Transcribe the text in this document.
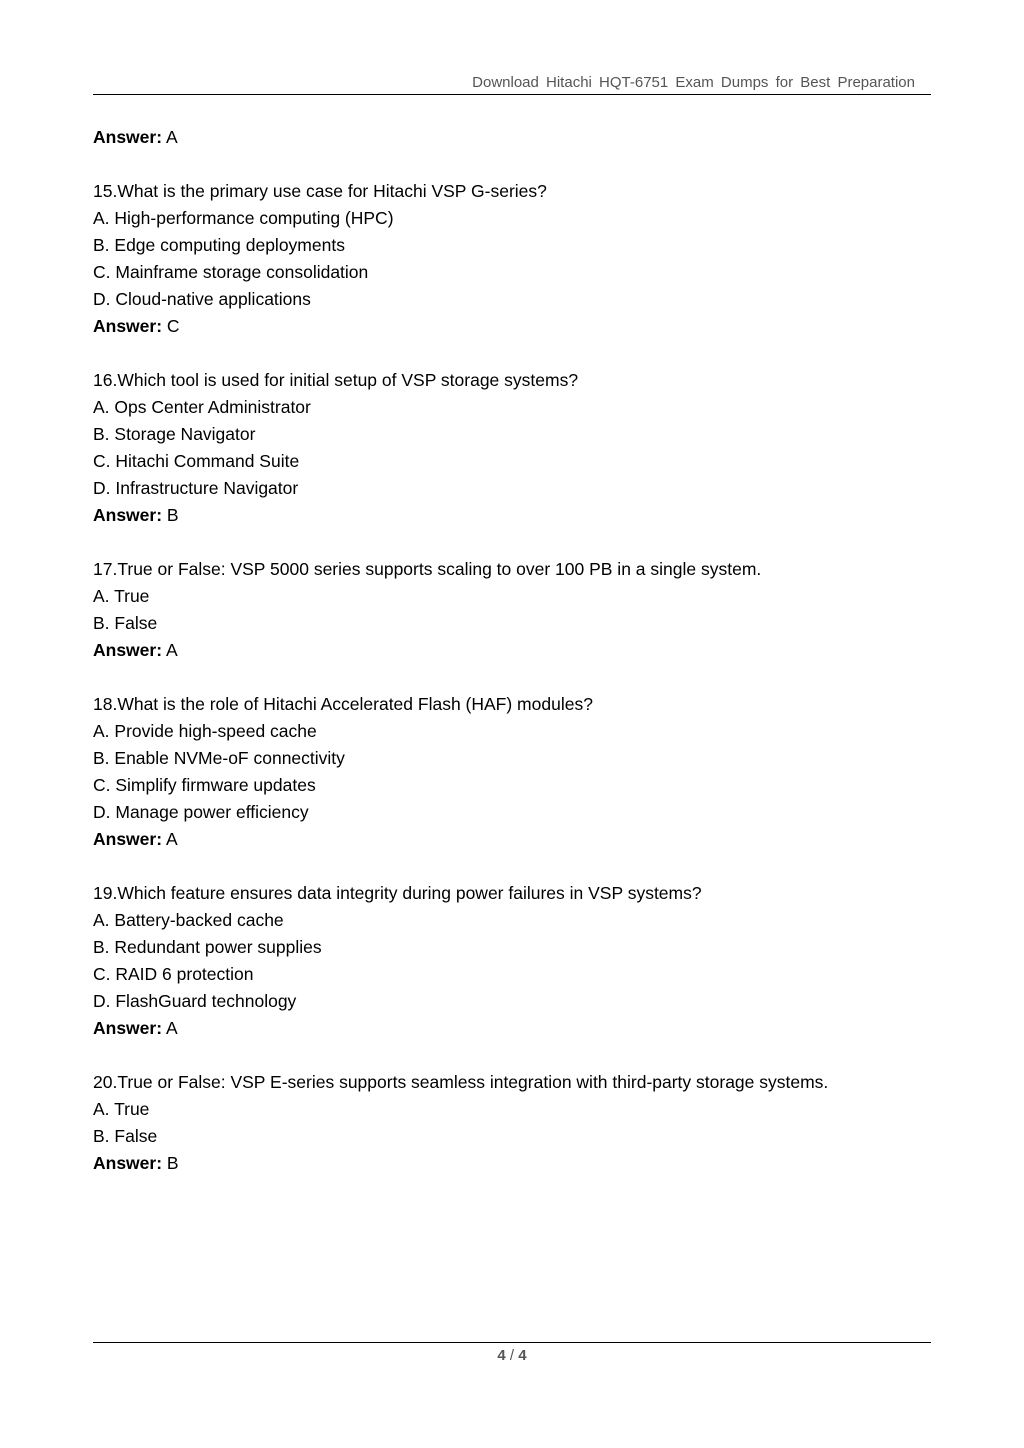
Download Hitachi HQT-6751 Exam Dumps for Best Preparation
Answer: A
15.What is the primary use case for Hitachi VSP G-series?
A. High-performance computing (HPC)
B. Edge computing deployments
C. Mainframe storage consolidation
D. Cloud-native applications
Answer: C
16.Which tool is used for initial setup of VSP storage systems?
A. Ops Center Administrator
B. Storage Navigator
C. Hitachi Command Suite
D. Infrastructure Navigator
Answer: B
17.True or False: VSP 5000 series supports scaling to over 100 PB in a single system.
A. True
B. False
Answer: A
18.What is the role of Hitachi Accelerated Flash (HAF) modules?
A. Provide high-speed cache
B. Enable NVMe-oF connectivity
C. Simplify firmware updates
D. Manage power efficiency
Answer: A
19.Which feature ensures data integrity during power failures in VSP systems?
A. Battery-backed cache
B. Redundant power supplies
C. RAID 6 protection
D. FlashGuard technology
Answer: A
20.True or False: VSP E-series supports seamless integration with third-party storage systems.
A. True
B. False
Answer: B
4 / 4
